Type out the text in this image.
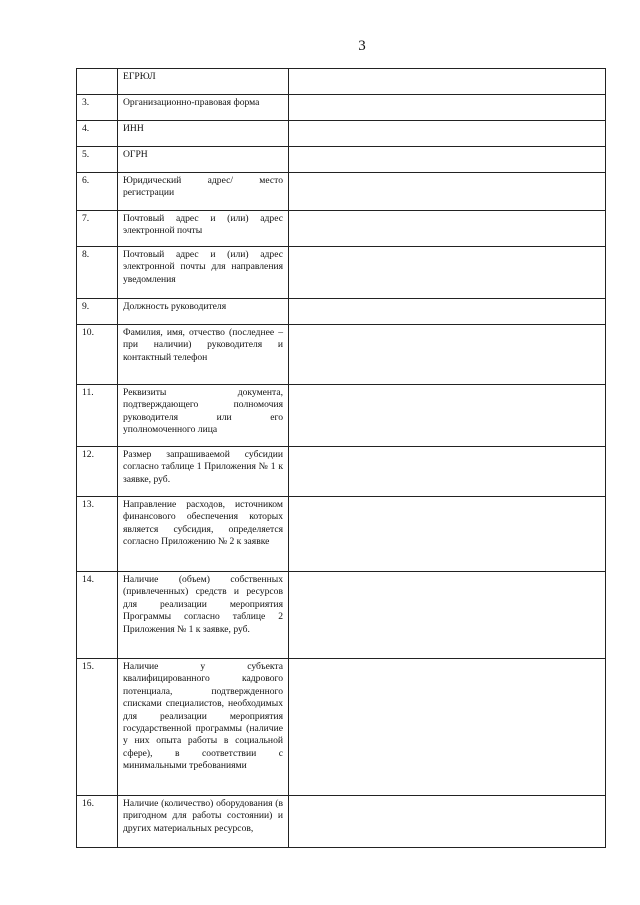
3
	ЕГРЮЛ	
3.	Организационно-правовая форма	
4.	ИНН	
5.	ОГРН	
6.	Юридический адрес/ место регистрации	
7.	Почтовый адрес и (или) адрес электронной почты	
8.	Почтовый адрес и (или) адрес электронной почты для направления уведомления	
9.	Должность руководителя	
10.	Фамилия, имя, отчество (последнее – при наличии) руководителя и контактный телефон	
11.	Реквизиты документа, подтверждающего полномочия руководителя или его уполномоченного лица	
12.	Размер запрашиваемой субсидии согласно таблице 1 Приложения № 1 к заявке, руб.	
13.	Направление расходов, источником финансового обеспечения которых является субсидия, определяется согласно Приложению № 2 к заявке	
14.	Наличие (объем) собственных (привлеченных) средств и ресурсов для реализации мероприятия Программы согласно таблице 2 Приложения № 1 к заявке, руб.	
15.	Наличие у субъекта квалифицированного кадрового потенциала, подтвержденного списками специалистов, необходимых для реализации мероприятия государственной программы (наличие у них опыта работы в социальной сфере), в соответствии с минимальными требованиями	
16.	Наличие (количество) оборудования (в пригодном для работы состоянии) и других материальных ресурсов,	
